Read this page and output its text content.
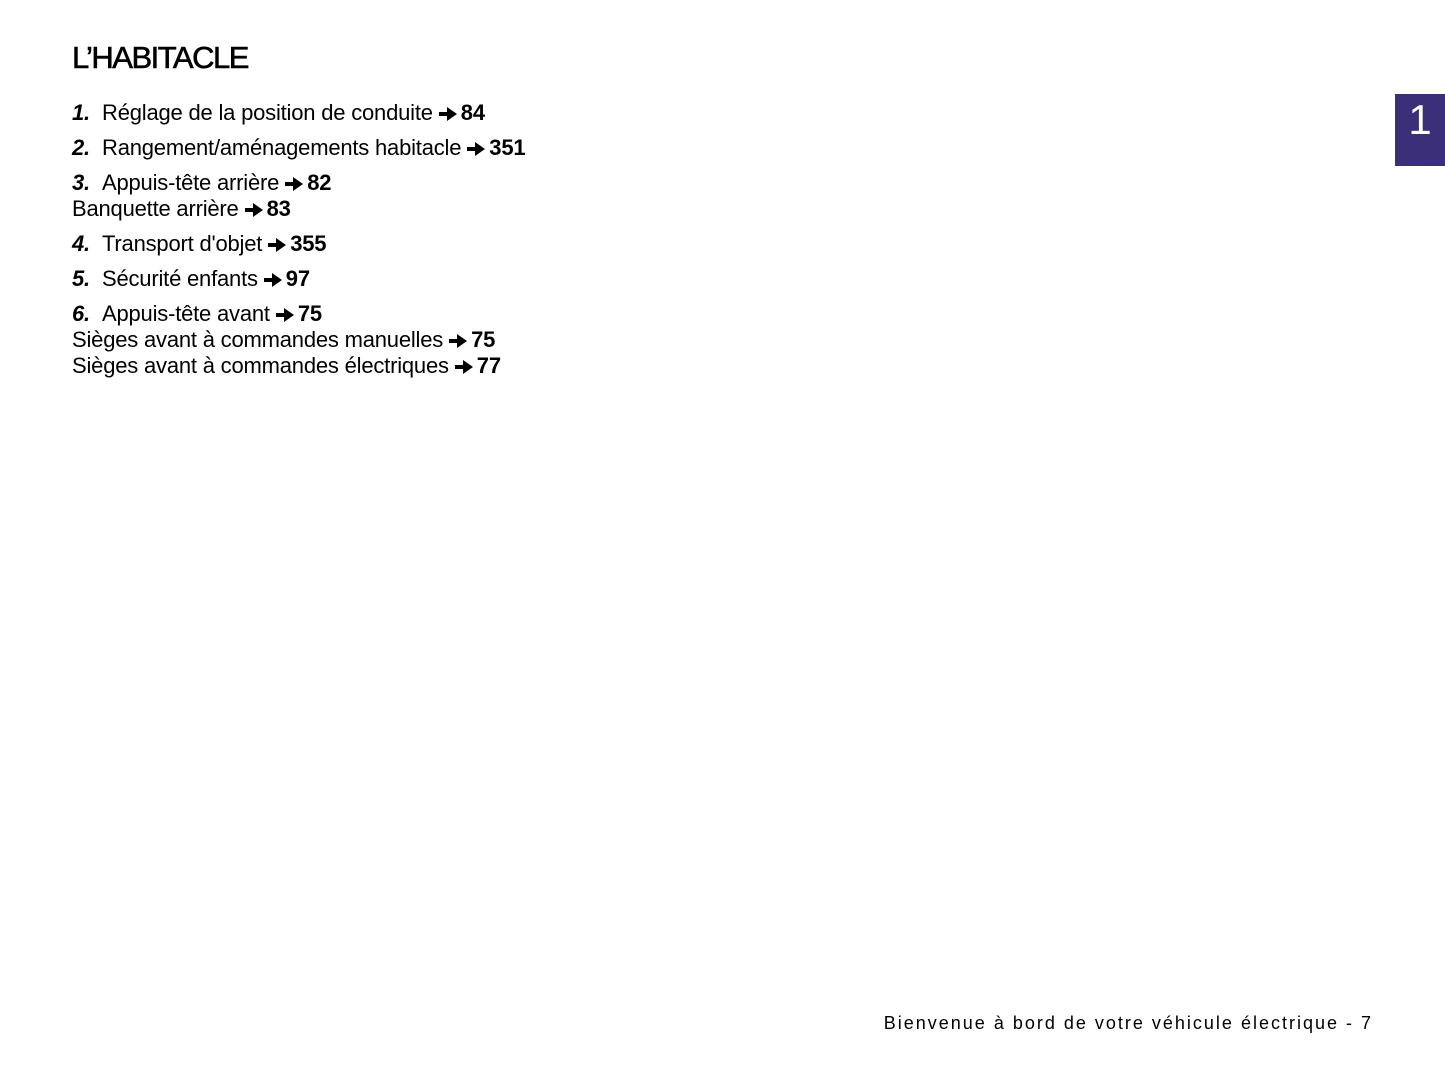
L’HABITACLE
1
1. Réglage de la position de conduite 84
2. Rangement/aménagements habitacle 351
3. Appuis-tête arrière 82
Banquette arrière 83
4. Transport d'objet 355
5. Sécurité enfants 97
6. Appuis-tête avant 75
Sièges avant à commandes manuelles 75
Sièges avant à commandes électriques 77
Bienvenue à bord de votre véhicule électrique - 7
